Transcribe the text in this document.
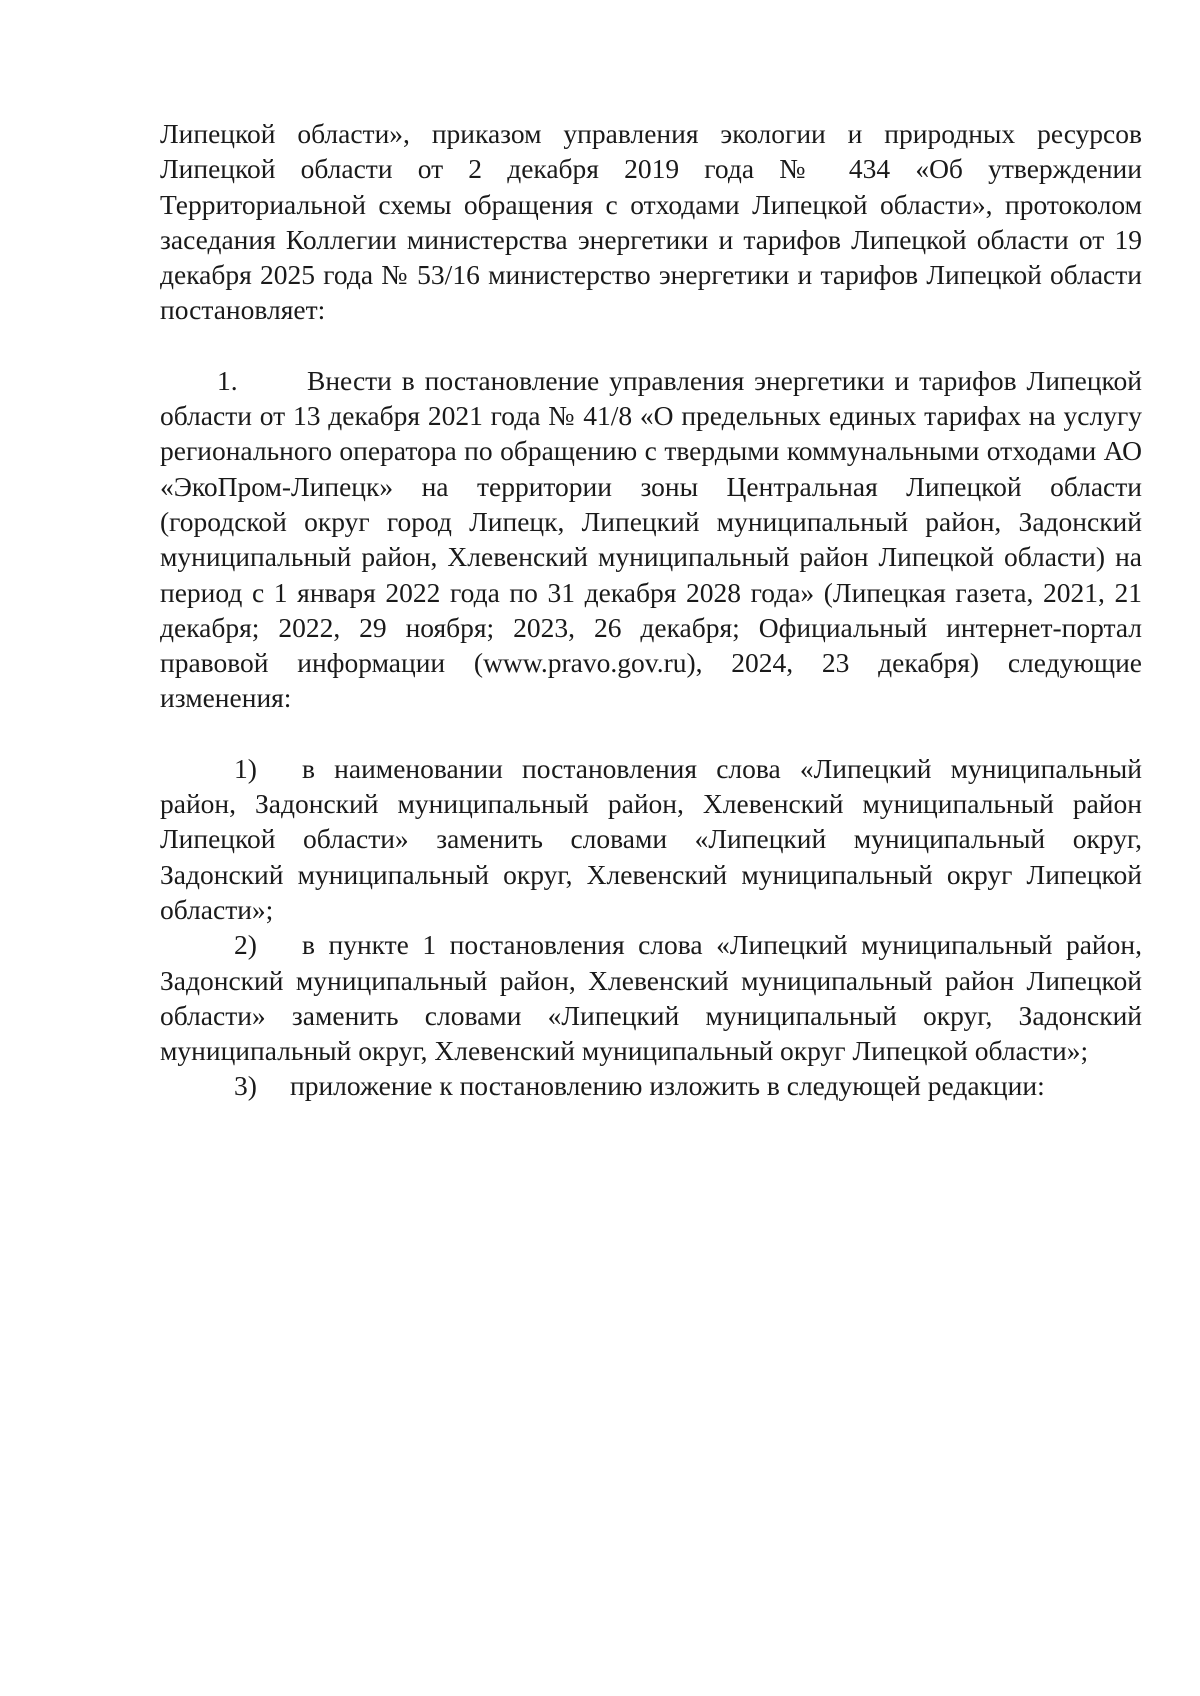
Липецкой области», приказом управления экологии и природных ресурсов Липецкой области от 2 декабря 2019 года № 434 «Об утверждении Территориальной схемы обращения с отходами Липецкой области», протоколом заседания Коллегии министерства энергетики и тарифов Липецкой области от 19 декабря 2025 года № 53/16 министерство энергетики и тарифов Липецкой области постановляет:

1.	Внести в постановление управления энергетики и тарифов Липецкой области от 13 декабря 2021 года № 41/8 «О предельных единых тарифах на услугу регионального оператора по обращению с твердыми коммунальными отходами АО «ЭкоПром-Липецк» на территории зоны Центральная Липецкой области (городской округ город Липецк, Липецкий муниципальный район, Задонский муниципальный район, Хлевенский муниципальный район Липецкой области) на период с 1 января 2022 года по 31 декабря 2028 года» (Липецкая газета, 2021, 21 декабря; 2022, 29 ноября; 2023, 26 декабря; Официальный интернет-портал правовой информации (www.pravo.gov.ru), 2024, 23 декабря) следующие изменения:

1) в наименовании постановления слова «Липецкий муниципальный район, Задонский муниципальный район, Хлевенский муниципальный район Липецкой области» заменить словами «Липецкий муниципальный округ, Задонский муниципальный округ, Хлевенский муниципальный округ Липецкой области»;

2) в пункте 1 постановления слова «Липецкий муниципальный район, Задонский муниципальный район, Хлевенский муниципальный район Липецкой области» заменить словами «Липецкий муниципальный округ, Задонский муниципальный округ, Хлевенский муниципальный округ Липецкой области»;

3) приложение к постановлению изложить в следующей редакции:
